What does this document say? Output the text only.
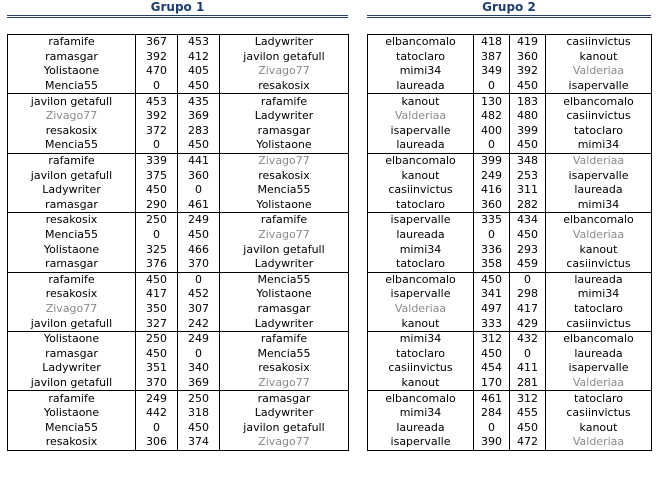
Grupo 1	Grupo 2
rafamife	367	453	Ladywriter
ramasgar	392	412	javilon getafull
Yolistaone	470	405	Zivago77
Mencia55	0	450	resakosix
javilon getafull	453	435	rafamife
Zivago77	392	369	Ladywriter
resakosix	372	283	ramasgar
Mencia55	0	450	Yolistaone
rafamife	339	441	Zivago77
javilon getafull	375	360	resakosix
Ladywriter	450	0	Mencia55
ramasgar	290	461	Yolistaone
resakosix	250	249	rafamife
Mencia55	0	450	Zivago77
Yolistaone	325	466	javilon getafull
ramasgar	376	370	Ladywriter
rafamife	450	0	Mencia55
resakosix	417	452	Yolistaone
Zivago77	350	307	ramasgar
javilon getafull	327	242	Ladywriter
Yolistaone	250	249	rafamife
ramasgar	450	0	Mencia55
Ladywriter	351	340	resakosix
javilon getafull	370	369	Zivago77
rafamife	249	250	ramasgar
Yolistaone	442	318	Ladywriter
Mencia55	0	450	javilon getafull
resakosix	306	374	Zivago77
elbancomalo	418	419	casiinvictus
tatoclaro	387	360	kanout
mimi34	349	392	Valderiaa
laureada	0	450	isapervalle
kanout	130	183	elbancomalo
Valderiaa	482	480	casiinvictus
isapervalle	400	399	tatoclaro
laureada	0	450	mimi34
elbancomalo	399	348	Valderiaa
kanout	249	253	isapervalle
casiinvictus	416	311	laureada
tatoclaro	360	282	mimi34
isapervalle	335	434	elbancomalo
laureada	0	450	Valderiaa
mimi34	336	293	kanout
tatoclaro	358	459	casiinvictus
elbancomalo	450	0	laureada
isapervalle	341	298	mimi34
Valderiaa	497	417	tatoclaro
kanout	333	429	casiinvictus
mimi34	312	432	elbancomalo
tatoclaro	450	0	laureada
casiinvictus	454	411	isapervalle
kanout	170	281	Valderiaa
elbancomalo	461	312	tatoclaro
mimi34	284	455	casiinvictus
laureada	0	450	kanout
isapervalle	390	472	Valderiaa
